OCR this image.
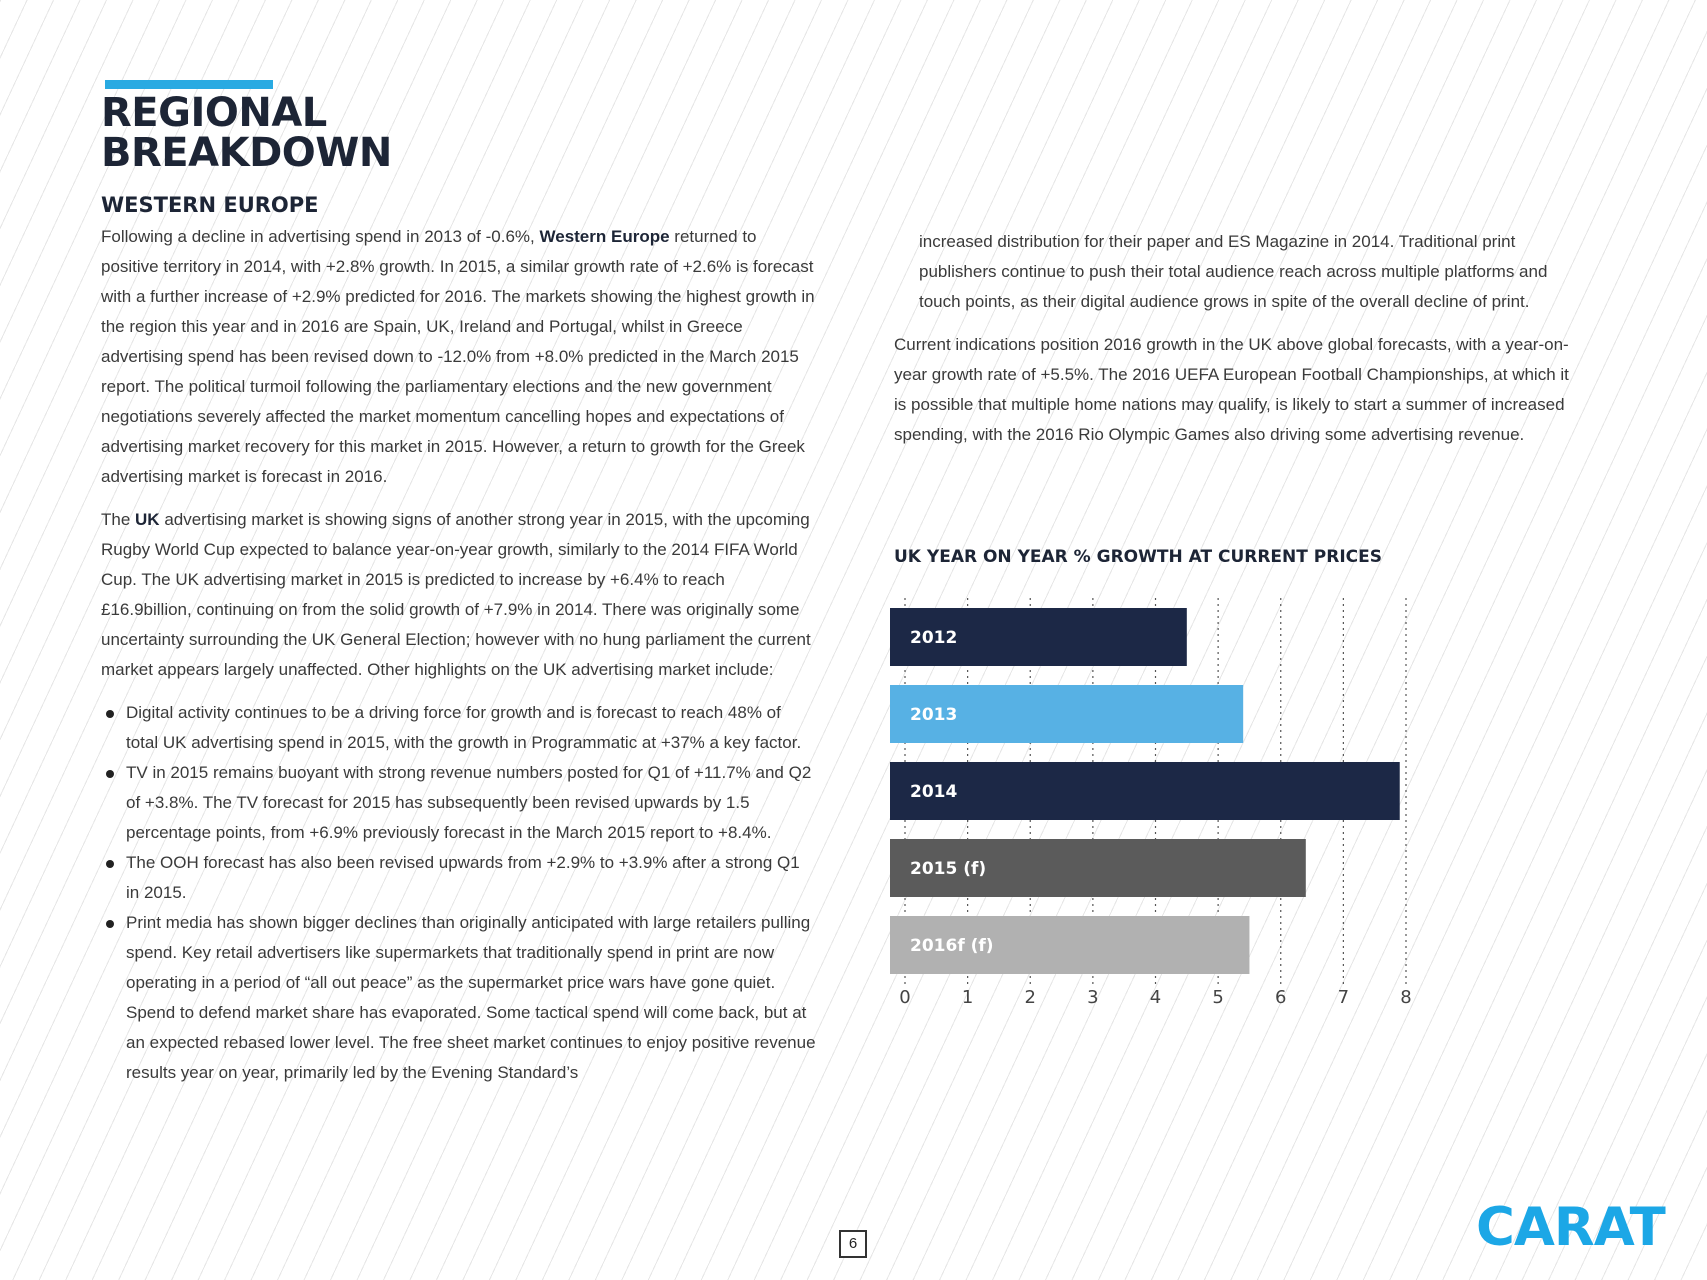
REGIONAL
BREAKDOWN
WESTERN EUROPE

Following a decline in advertising spend in 2013 of -0.6%, Western Europe returned to positive territory in 2014, with +2.8% growth. In 2015, a similar growth rate of +2.6% is forecast with a further increase of +2.9% predicted for 2016. The markets showing the highest growth in the region this year and in 2016 are Spain, UK, Ireland and Portugal, whilst in Greece advertising spend has been revised down to -12.0% from +8.0% predicted in the March 2015 report. The political turmoil following the parliamentary elections and the new government negotiations severely affected the market momentum cancelling hopes and expectations of advertising market recovery for this market in 2015. However, a return to growth for the Greek advertising market is forecast in 2016.

The UK advertising market is showing signs of another strong year in 2015, with the upcoming Rugby World Cup expected to balance year-on-year growth, similarly to the 2014 FIFA World Cup. The UK advertising market in 2015 is predicted to increase by +6.4% to reach £16.9billion, continuing on from the solid growth of +7.9% in 2014. There was originally some uncertainty surrounding the UK General Election; however with no hung parliament the current market appears largely unaffected. Other highlights on the UK advertising market include:

Digital activity continues to be a driving force for growth and is forecast to reach 48% of total UK advertising spend in 2015, with the growth in Programmatic at +37% a key factor.
TV in 2015 remains buoyant with strong revenue numbers posted for Q1 of +11.7% and Q2 of +3.8%. The TV forecast for 2015 has subsequently been revised upwards by 1.5 percentage points, from +6.9% previously forecast in the March 2015 report to +8.4%.
The OOH forecast has also been revised upwards from +2.9% to +3.9% after a strong Q1 in 2015.
Print media has shown bigger declines than originally anticipated with large retailers pulling spend. Key retail advertisers like supermarkets that traditionally spend in print are now operating in a period of “all out peace” as the supermarket price wars have gone quiet. Spend to defend market share has evaporated. Some tactical spend will come back, but at an expected rebased lower level. The free sheet market continues to enjoy positive revenue results year on year, primarily led by the Evening Standard’s

increased distribution for their paper and ES Magazine in 2014. Traditional print publishers continue to push their total audience reach across multiple platforms and touch points, as their digital audience grows in spite of the overall decline of print.

Current indications position 2016 growth in the UK above global forecasts, with a year-on-year growth rate of +5.5%. The 2016 UEFA European Football Championships, at which it is possible that multiple home nations may qualify, is likely to start a summer of increased spending, with the 2016 Rio Olympic Games also driving some advertising revenue.

UK YEAR ON YEAR % GROWTH AT CURRENT PRICES
0	1	2	3	4	5	6	7	8
2012
2013
2014
2015 (f)
2016f (f)
6	CARAT
